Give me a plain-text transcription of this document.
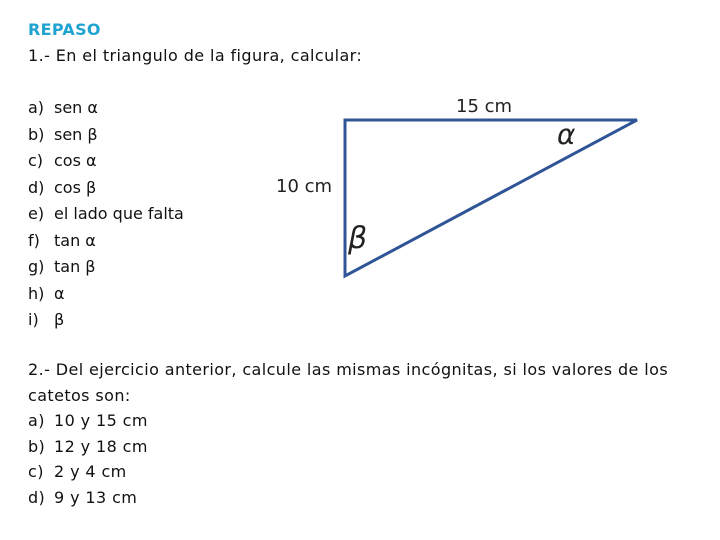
REPASO
1.- En el triangulo de la figura, calcular:
a) sen α
b) sen β
c) cos α
d) cos β
e) el lado que falta
f) tan α
g) tan β
h) α
i) β
15 cm
10 cm
α
β
2.- Del ejercicio anterior, calcule las mismas incógnitas, si los valores de los catetos son:
a) 10 y 15 cm
b) 12 y 18 cm
c) 2 y 4 cm
d) 9 y 13 cm
